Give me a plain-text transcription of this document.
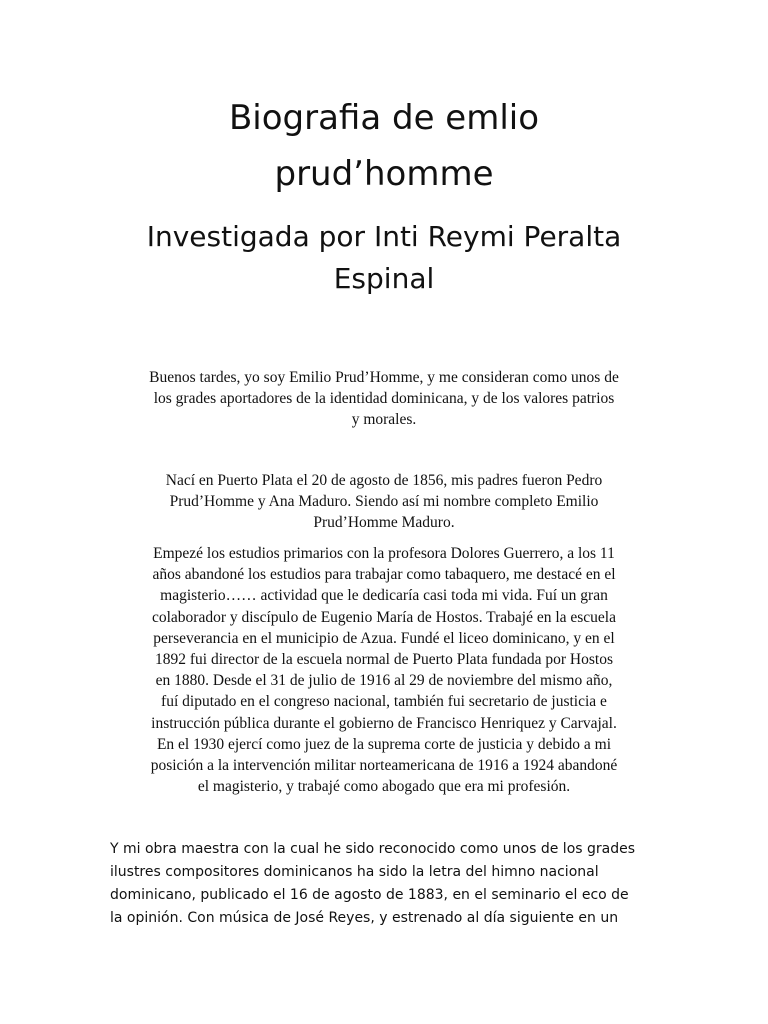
Biografia de emlio
prud’homme
Investigada por Inti Reymi Peralta
Espinal

Buenos tardes, yo soy Emilio Prud’Homme, y me consideran como unos de
los grades aportadores de la identidad dominicana, y de los valores patrios
y morales.

Nací en Puerto Plata el 20 de agosto de 1856, mis padres fueron Pedro
Prud’Homme y Ana Maduro. Siendo así mi nombre completo Emilio
Prud’Homme Maduro.

Empezé los estudios primarios con la profesora Dolores Guerrero, a los 11
años abandoné los estudios para trabajar como tabaquero, me destacé en el
magisterio…… actividad que le dedicaría casi toda mi vida. Fuí un gran
colaborador y discípulo de Eugenio María de Hostos. Trabajé en la escuela
perseverancia en el municipio de Azua. Fundé el liceo dominicano, y en el
1892 fui director de la escuela normal de Puerto Plata fundada por Hostos
en 1880. Desde el 31 de julio de 1916 al 29 de noviembre del mismo año,
fuí diputado en el congreso nacional, también fui secretario de justicia e
instrucción pública durante el gobierno de Francisco Henriquez y Carvajal.
En el 1930 ejercí como juez de la suprema corte de justicia y debido a mi
posición a la intervención militar norteamericana de 1916 a 1924 abandoné
el magisterio, y trabajé como abogado que era mi profesión.

Y mi obra maestra con la cual he sido reconocido como unos de los grades
ilustres compositores dominicanos ha sido la letra del himno nacional
dominicano, publicado el 16 de agosto de 1883, en el seminario el eco de
la opinión. Con música de José Reyes, y estrenado al día siguiente en un
